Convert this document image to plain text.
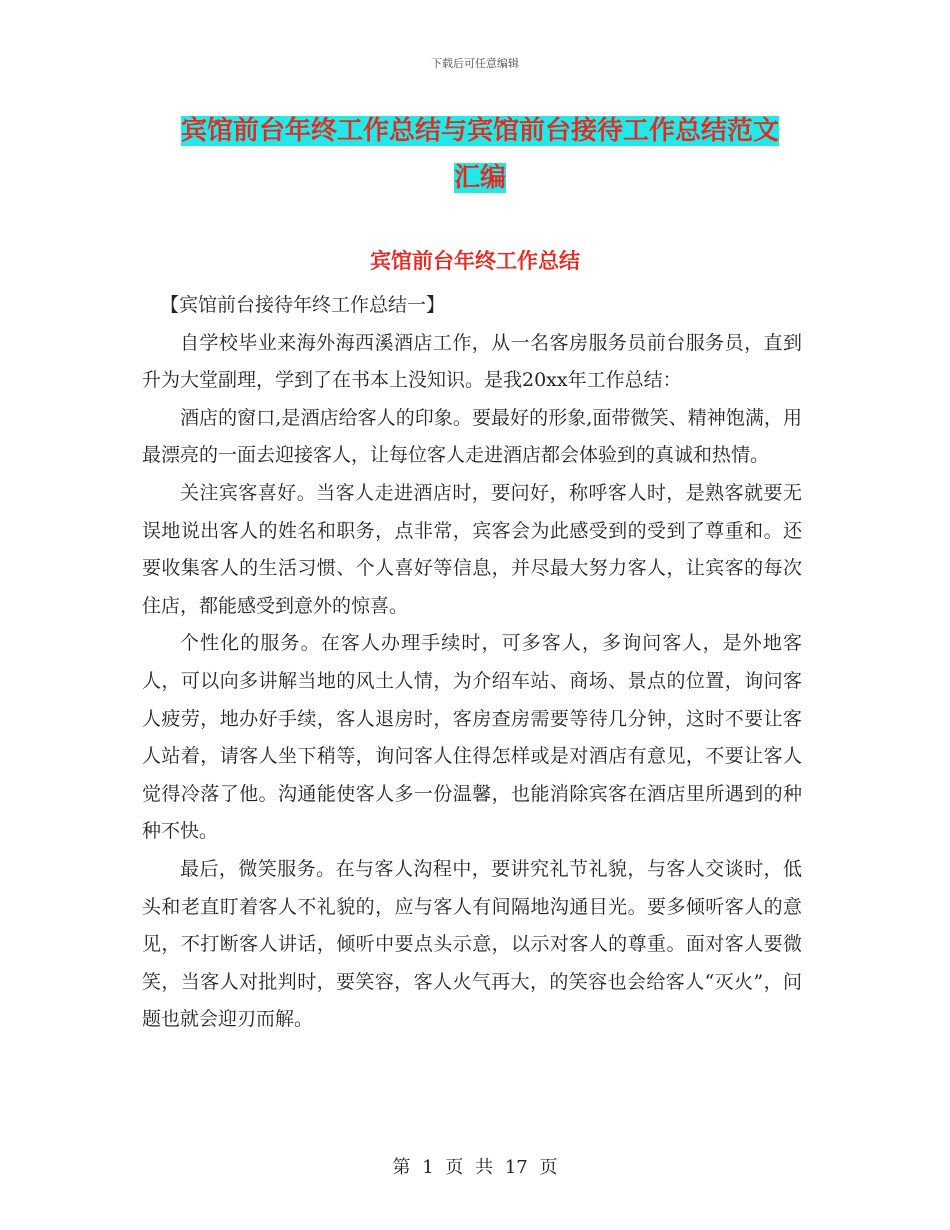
下载后可任意编辑
宾馆前台年终工作总结与宾馆前台接待工作总结范文
汇编
宾馆前台年终工作总结

【宾馆前台接待年终工作总结一】

自学校毕业来海外海西溪酒店工作，从一名客房服务员前台服务员，直到升为大堂副理，学到了在书本上没知识。是我20xx年工作总结：

酒店的窗口,是酒店给客人的印象。要最好的形象,面带微笑、精神饱满，用最漂亮的一面去迎接客人，让每位客人走进酒店都会体验到的真诚和热情。

关注宾客喜好。当客人走进酒店时，要问好，称呼客人时，是熟客就要无误地说出客人的姓名和职务，点非常，宾客会为此感受到的受到了尊重和。还要收集客人的生活习惯、个人喜好等信息，并尽最大努力客人，让宾客的每次住店，都能感受到意外的惊喜。

个性化的服务。在客人办理手续时，可多客人，多询问客人，是外地客人，可以向多讲解当地的风土人情，为介绍车站、商场、景点的位置，询问客人疲劳，地办好手续，客人退房时，客房查房需要等待几分钟，这时不要让客人站着，请客人坐下稍等，询问客人住得怎样或是对酒店有意见，不要让客人觉得冷落了他。沟通能使客人多一份温馨，也能消除宾客在酒店里所遇到的种种不快。

最后，微笑服务。在与客人沟程中，要讲究礼节礼貌，与客人交谈时，低头和老直盯着客人不礼貌的，应与客人有间隔地沟通目光。要多倾听客人的意见，不打断客人讲话，倾听中要点头示意，以示对客人的尊重。面对客人要微笑，当客人对批判时，要笑容，客人火气再大，的笑容也会给客人“灭火”，问题也就会迎刃而解。

第 1 页 共 17 页
